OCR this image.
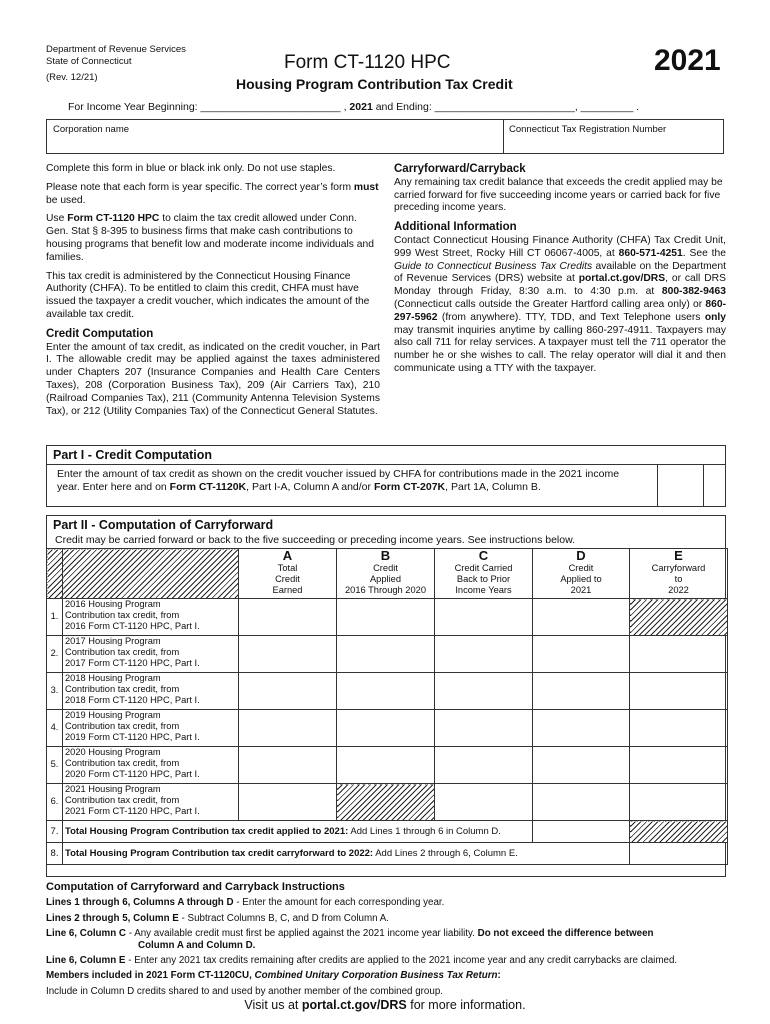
Department of Revenue Services
State of Connecticut
(Rev. 12/21)
Form CT-1120 HPC
Housing Program Contribution Tax Credit
2021
For Income Year Beginning: ________________________ , 2021 and Ending: ________________________, _________ .
Corporation name	Connecticut Tax Registration Number

Complete this form in blue or black ink only. Do not use staples.

Please note that each form is year specific. The correct year’s form must be used.

Use Form CT-1120 HPC to claim the tax credit allowed under Conn. Gen. Stat § 8-395 to business firms that make cash contributions to housing programs that benefit low and moderate income individuals and families.

This tax credit is administered by the Connecticut Housing Finance Authority (CHFA). To be entitled to claim this credit, CHFA must have issued the taxpayer a credit voucher, which indicates the amount of the available tax credit.

Credit Computation

Enter the amount of tax credit, as indicated on the credit voucher, in Part I. The allowable credit may be applied against the taxes administered under Chapters 207 (Insurance Companies and Health Care Centers Taxes), 208 (Corporation Business Tax), 209 (Air Carriers Tax), 210 (Railroad Companies Tax), 211 (Community Antenna Television Systems Tax), or 212 (Utility Companies Tax) of the Connecticut General Statutes.

Carryforward/Carryback

Any remaining tax credit balance that exceeds the credit applied may be carried forward for five succeeding income years or carried back for five preceding income years.

Additional Information

Contact Connecticut Housing Finance Authority (CHFA) Tax Credit Unit, 999 West Street, Rocky Hill CT 06067-4005, at 860-571-4251. See the Guide to Connecticut Business Tax Credits available on the Department of Revenue Services (DRS) website at portal.ct.gov/DRS, or call DRS Monday through Friday, 8:30 a.m. to 4:30 p.m. at 800-382-9463 (Connecticut calls outside the Greater Hartford calling area only) or 860-297-5962 (from anywhere). TTY, TDD, and Text Telephone users only may transmit inquiries anytime by calling 860-297-4911. Taxpayers may also call 711 for relay services. A taxpayer must tell the 711 operator the number he or she wishes to call. The relay operator will dial it and then communicate using a TTY with the taxpayer.

Part I - Credit Computation
Enter the amount of tax credit as shown on the credit voucher issued by CHFA for contributions made in the 2021 income year. Enter here and on Form CT-1120K, Part I-A, Column A and/or Form CT-207K, Part 1A, Column B.
Part II - Computation of Carryforward
Credit may be carried forward or back to the five succeeding or preceding income years. See instructions below.

		A
Total
Credit
Earned	B
Credit
Applied
2016 Through 2020	C
Credit Carried
Back to Prior
Income Years	D
Credit
Applied to
2021	E
Carryforward
to
2022
1.	2016 Housing Program
Contribution tax credit, from
2016 Form CT-1120 HPC, Part I.					
2.	2017 Housing Program
Contribution tax credit, from
2017 Form CT-1120 HPC, Part I.					
3.	2018 Housing Program
Contribution tax credit, from
2018 Form CT-1120 HPC, Part I.					
4.	2019 Housing Program
Contribution tax credit, from
2019 Form CT-1120 HPC, Part I.					
5.	2020 Housing Program
Contribution tax credit, from
2020 Form CT-1120 HPC, Part I.					
6.	2021 Housing Program
Contribution tax credit, from
2021 Form CT-1120 HPC, Part I.					
7.	Total Housing Program Contribution tax credit applied to 2021: Add Lines 1 through 6 in Column D.					
8.	Total Housing Program Contribution tax credit carryforward to 2022: Add Lines 2 through 6, Column E.					
Computation of Carryforward and Carryback Instructions
Lines 1 through 6, Columns A through D - Enter the amount for each corresponding year.
Lines 2 through 5, Column E - Subtract Columns B, C, and D from Column A.
Line 6, Column C - Any available credit must first be applied against the 2021 income year liability. Do not exceed the difference between
Column A and Column D.
Line 6, Column E - Enter any 2021 tax credits remaining after credits are applied to the 2021 income year and any credit carrybacks are claimed.
Members included in 2021 Form CT-1120CU, Combined Unitary Corporation Business Tax Return:
Include in Column D credits shared to and used by another member of the combined group.
Visit us at portal.ct.gov/DRS for more information.
